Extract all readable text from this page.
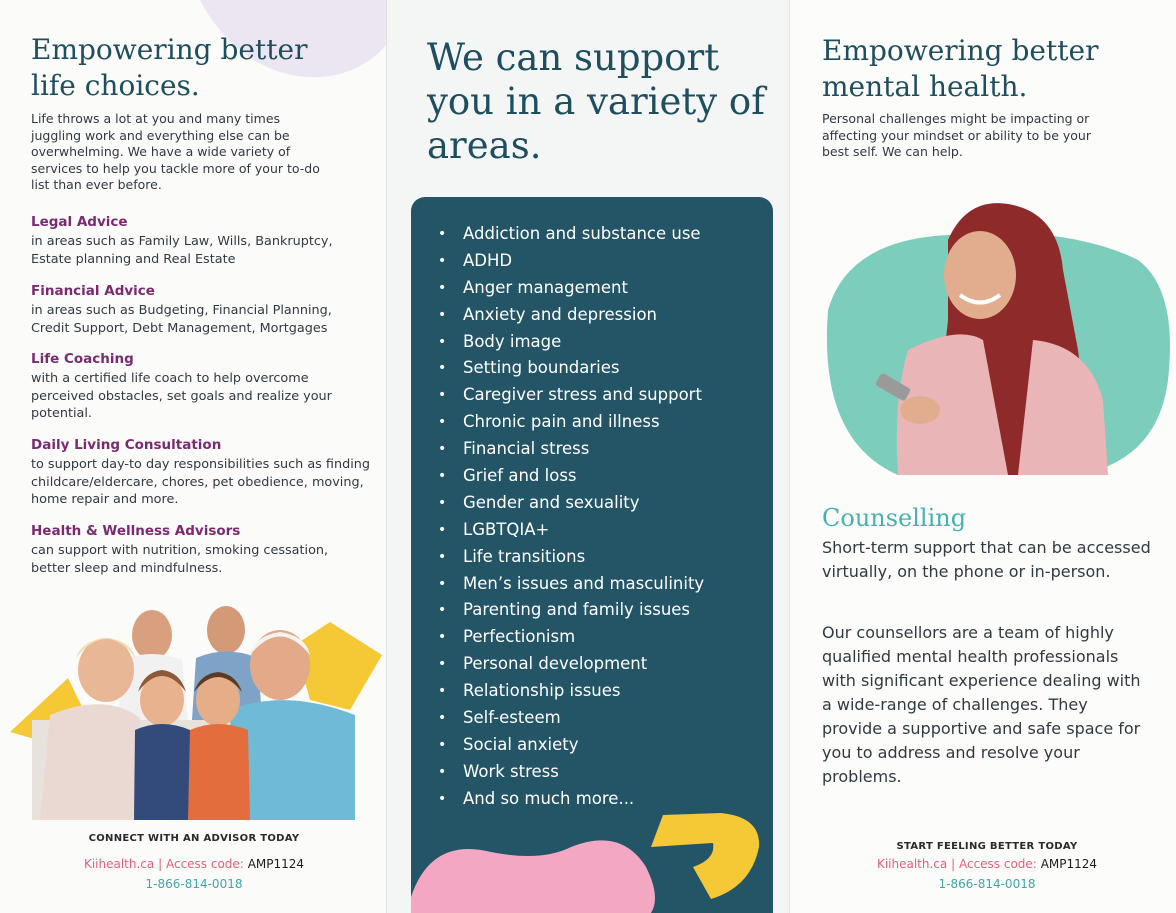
Empowering better life choices.

Life throws a lot at you and many times juggling work and everything else can be overwhelming. We have a wide variety of services to help you tackle more of your to-do list than ever before.

Legal Advice
in areas such as Family Law, Wills, Bankruptcy, Estate planning and Real Estate
Financial Advice
in areas such as Budgeting, Financial Planning, Credit Support, Debt Management, Mortgages
Life Coaching
with a certified life coach to help overcome perceived obstacles, set goals and realize your potential.
Daily Living Consultation
to support day-to day responsibilities such as finding childcare/eldercare, chores, pet obedience, moving, home repair and more.
Health & Wellness Advisors
can support with nutrition, smoking cessation, better sleep and mindfulness.
CONNECT WITH AN ADVISOR TODAY
Kiihealth.ca | Access code: AMP1124
1-866-814-0018
We can support you in a variety of areas.
• Addiction and substance use
• ADHD
• Anger management
• Anxiety and depression
• Body image
• Setting boundaries
• Caregiver stress and support
• Chronic pain and illness
• Financial stress
• Grief and loss
• Gender and sexuality
• LGBTQIA+
• Life transitions
• Men’s issues and masculinity
• Parenting and family issues
• Perfectionism
• Personal development
• Relationship issues
• Self-esteem
• Social anxiety
• Work stress
• And so much more...
Empowering better mental health.

Personal challenges might be impacting or affecting your mindset or ability to be your best self. We can help.

Counselling

Short-term support that can be accessed virtually, on the phone or in-person.

Our counsellors are a team of highly qualified mental health professionals with significant experience dealing with a wide-range of challenges. They provide a supportive and safe space for you to address and resolve your problems.

START FEELING BETTER TODAY
Kiihealth.ca | Access code: AMP1124
1-866-814-0018
